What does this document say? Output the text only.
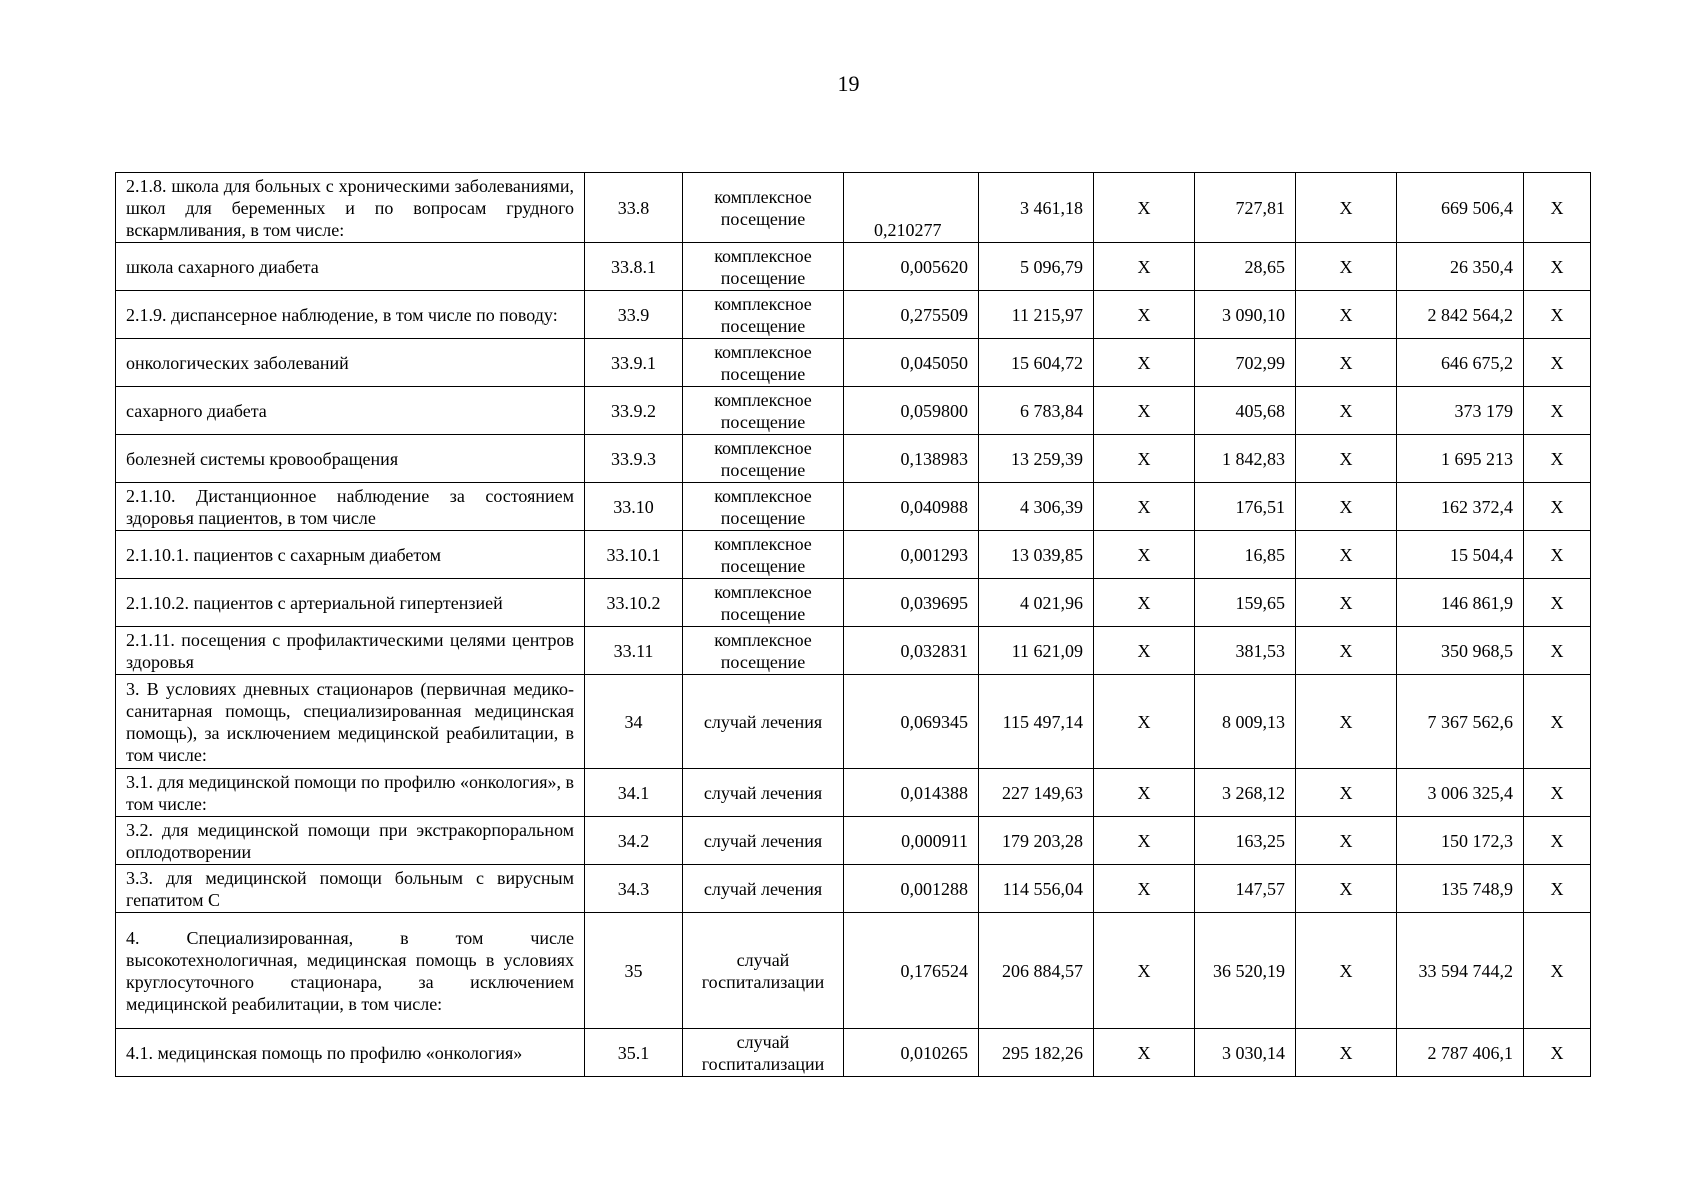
19
2.1.8. школа для больных с хроническими заболеваниями, школ для беременных и по вопросам грудного вскармливания, в том числе:	33.8	комплексное посещение	0,210277	3 461,18	X	727,81	X	669 506,4	X
школа сахарного диабета	33.8.1	комплексное посещение	0,005620	5 096,79	X	28,65	X	26 350,4	X
2.1.9. диспансерное наблюдение, в том числе по поводу:	33.9	комплексное посещение	0,275509	11 215,97	X	3 090,10	X	2 842 564,2	X
онкологических заболеваний	33.9.1	комплексное посещение	0,045050	15 604,72	X	702,99	X	646 675,2	X
сахарного диабета	33.9.2	комплексное посещение	0,059800	6 783,84	X	405,68	X	373 179	X
болезней системы кровообращения	33.9.3	комплексное посещение	0,138983	13 259,39	X	1 842,83	X	1 695 213	X
2.1.10. Дистанционное наблюдение за состоянием здоровья пациентов, в том числе	33.10	комплексное посещение	0,040988	4 306,39	X	176,51	X	162 372,4	X
2.1.10.1. пациентов с сахарным диабетом	33.10.1	комплексное посещение	0,001293	13 039,85	X	16,85	X	15 504,4	X
2.1.10.2. пациентов с артериальной гипертензией	33.10.2	комплексное посещение	0,039695	4 021,96	X	159,65	X	146 861,9	X
2.1.11. посещения с профилактическими целями центров здоровья	33.11	комплексное посещение	0,032831	11 621,09	X	381,53	X	350 968,5	X
3. В условиях дневных стационаров (первичная медико-санитарная помощь, специализированная медицинская помощь), за исключением медицинской реабилитации, в том числе:	34	случай лечения	0,069345	115 497,14	X	8 009,13	X	7 367 562,6	X
3.1. для медицинской помощи по профилю «онкология», в том числе:	34.1	случай лечения	0,014388	227 149,63	X	3 268,12	X	3 006 325,4	X
3.2. для медицинской помощи при экстракорпоральном оплодотворении	34.2	случай лечения	0,000911	179 203,28	X	163,25	X	150 172,3	X
3.3. для медицинской помощи больным с вирусным гепатитом С	34.3	случай лечения	0,001288	114 556,04	X	147,57	X	135 748,9	X
4. Специализированная, в том числе высокотехнологичная, медицинская помощь в условиях круглосуточного стационара, за исключением медицинской реабилитации, в том числе:	35	случай госпитализации	0,176524	206 884,57	X	36 520,19	X	33 594 744,2	X
4.1. медицинская помощь по профилю «онкология»	35.1	случай госпитализации	0,010265	295 182,26	X	3 030,14	X	2 787 406,1	X
